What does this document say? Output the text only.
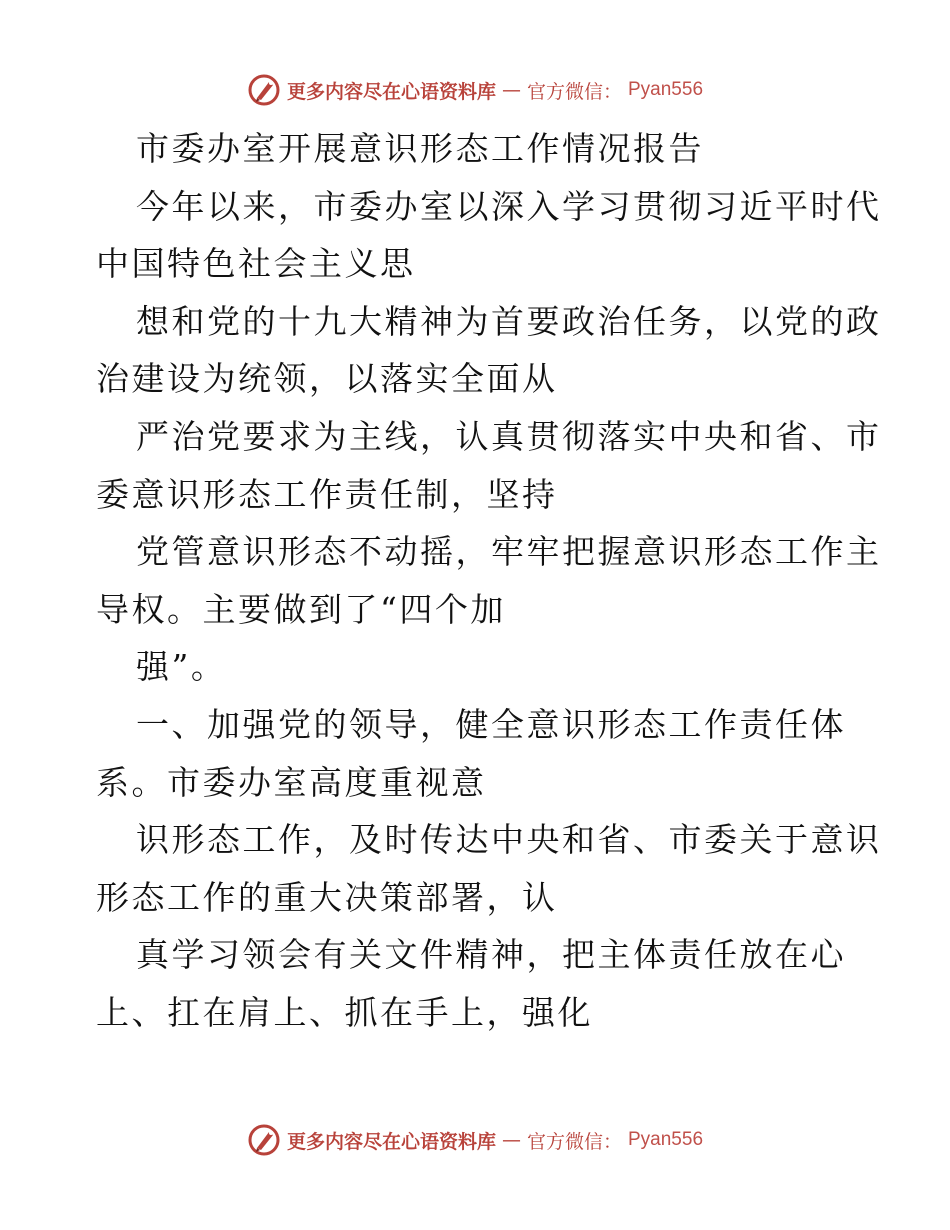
更多内容尽在心语资料库 — 官方微信： Pyan556
市委办室开展意识形态工作情况报告
今年以来，市委办室以深入学习贯彻习近平时代
中国特色社会主义思
想和党的十九大精神为首要政治任务，以党的政
治建设为统领，以落实全面从
严治党要求为主线，认真贯彻落实中央和省、市
委意识形态工作责任制，坚持
党管意识形态不动摇，牢牢把握意识形态工作主
导权。主要做到了“四个加
强”。
一、加强党的领导，健全意识形态工作责任体
系。市委办室高度重视意
识形态工作，及时传达中央和省、市委关于意识
形态工作的重大决策部署，认
真学习领会有关文件精神，把主体责任放在心
上、扛在肩上、抓在手上，强化
更多内容尽在心语资料库 — 官方微信： Pyan556
